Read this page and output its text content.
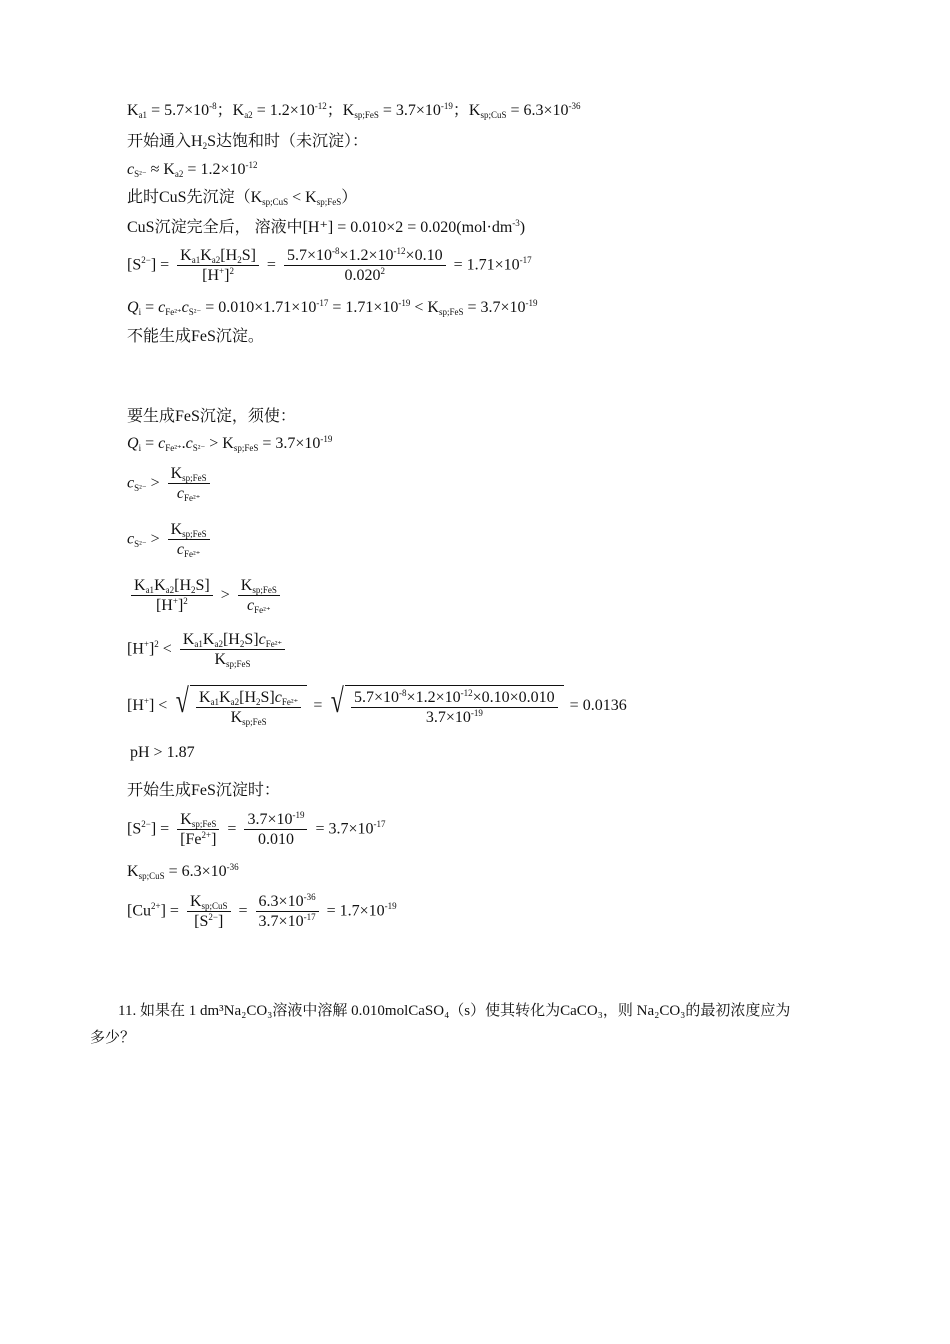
$K_{a1} = 5.7\times 10^{-8}$；$K_{a2} = 1.2\times 10^{-12}$；$K_{sp;FeS} = 3.7\times 10^{-19}$；$K_{sp;CuS} = 6.3\times 10^{-36}$
开始通入$H_2S$达饱和时（未沉淀）：
$c_{S^{2-}} \approx K_{a2} = 1.2\times 10^{-12}$
此时CuS先沉淀$(K_{sp;CuS} < K_{sp;FeS})$
CuS沉淀完全后， 溶液中$[H^+] = 0.010\times 2 = 0.020(mol\cdot dm^{-3})$
$[S^{2-}] = \frac{K_{a1}K_{a2}[H_2S]}{[H^+]^2} = \frac{5.7\times 10^{-8}\times 1.2\times 10^{-12}\times 0.10}{0.020^2} = 1.71\times 10^{-17}$
$Q_i = c_{Fe^{2+}}c_{S^{2-}} = 0.010\times 1.71\times 10^{-17} = 1.71\times 10^{-19} < K_{sp;FeS} = 3.7\times 10^{-19}$
不能生成FeS沉淀。
要生成FeS沉淀，须使：
$Q_i = c_{Fe^{2+}}.c_{S^{2-}} > K_{sp;FeS} = 3.7\times 10^{-19}$
$c_{S^{2-}} > \frac{K_{sp;FeS}}{c_{Fe^{2+}}}$
$c_{S^{2-}} > \frac{K_{sp;FeS}}{c_{Fe^{2+}}}$
$\frac{K_{a1}K_{a2}[H_2S]}{[H^+]^2} > \frac{K_{sp;FeS}}{c_{Fe^{2+}}}$
$[H^+]^2 < \frac{K_{a1}K_{a2}[H_2S]c_{Fe^{2+}}}{K_{sp;FeS}}$
[H+] < √ $\frac{K_{a1}K_{a2}[H_2S]c_{Fe^{2+}}}{K_{sp;FeS}}$ = √ $\frac{5.7\times 10^{-8}\times 1.2\times 10^{-12}\times 0.10\times 0.010}{3.7\times 10^{-19}} = 0.0136$
pH > 1.87
开始生成FeS沉淀时：
$[S^{2-}] = \frac{K_{sp;FeS}}{[Fe^{2+}]} = \frac{3.7\times 10^{-19}}{0.010} = 3.7\times 10^{-17}$
$K_{sp;CuS} = 6.3\times 10^{-36}$
$[Cu^{2+}] = \frac{K_{sp;CuS}}{[S^{2-}]} = \frac{6.3\times 10^{-36}}{3.7\times 10^{-17}} = 1.7\times 10^{-19}$
11. 如果在 1 dm³Na₂CO₃溶液中溶解 0.010molCaSO₄（s）使其转化为CaCO₃，则 Na₂CO₃的最初浓度应为
多少？
